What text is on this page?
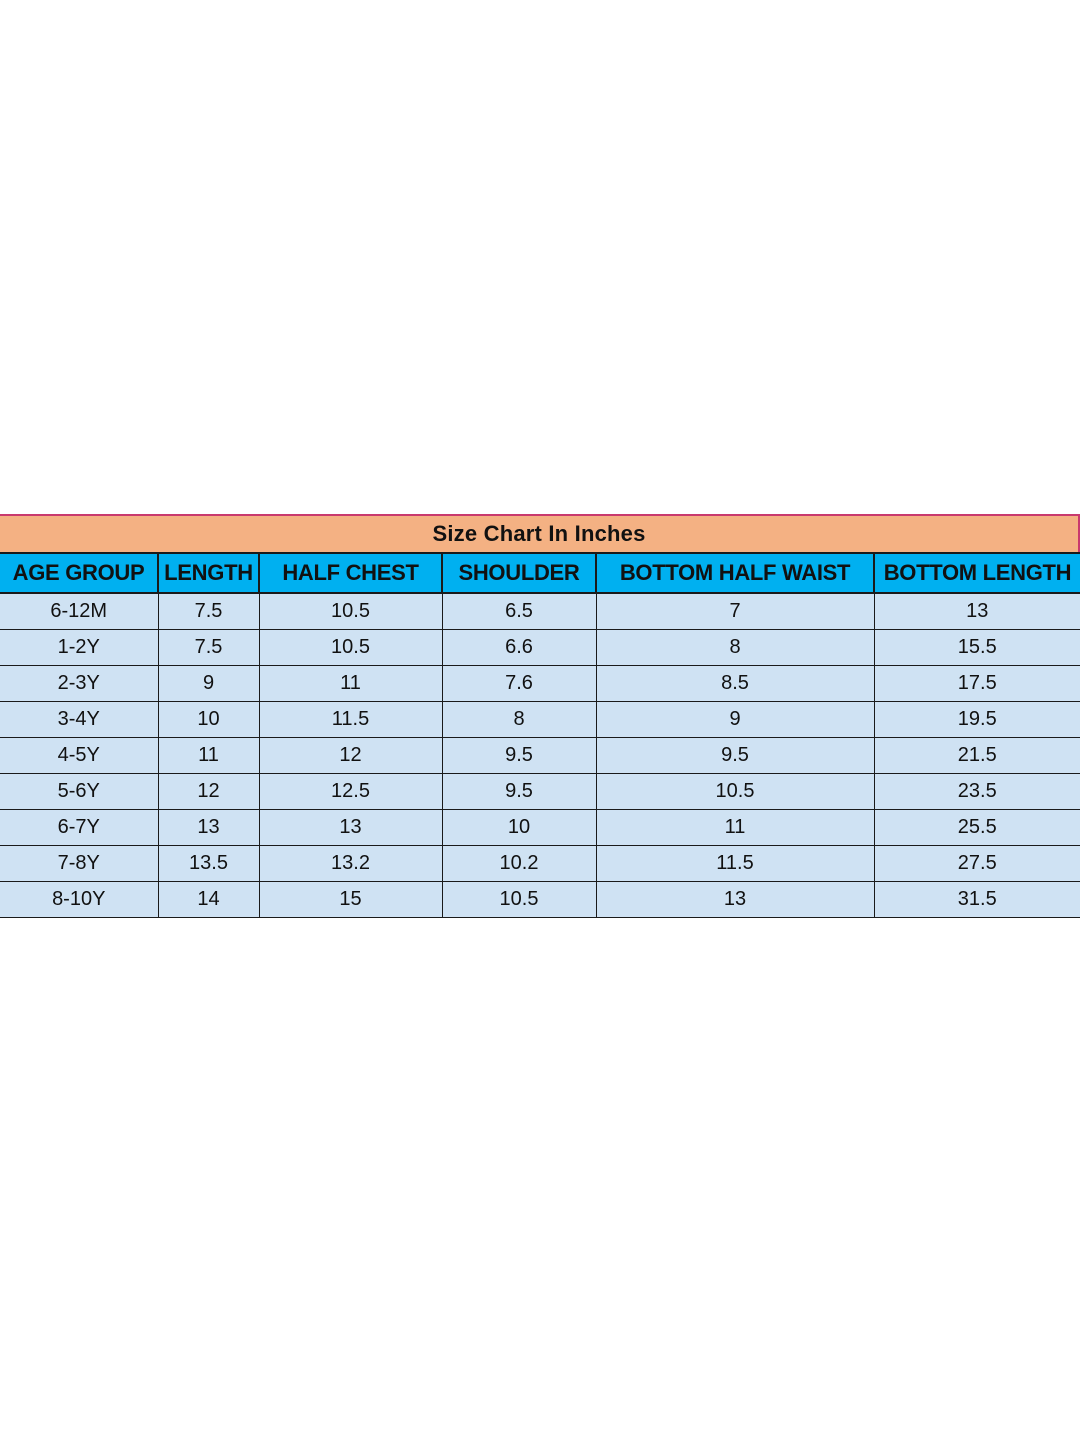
Size Chart In Inches
AGE GROUP	LENGTH	HALF CHEST	SHOULDER	BOTTOM HALF WAIST	BOTTOM LENGTH
6-12M	7.5	10.5	6.5	7	13
1-2Y	7.5	10.5	6.6	8	15.5
2-3Y	9	11	7.6	8.5	17.5
3-4Y	10	11.5	8	9	19.5
4-5Y	11	12	9.5	9.5	21.5
5-6Y	12	12.5	9.5	10.5	23.5
6-7Y	13	13	10	11	25.5
7-8Y	13.5	13.2	10.2	11.5	27.5
8-10Y	14	15	10.5	13	31.5
